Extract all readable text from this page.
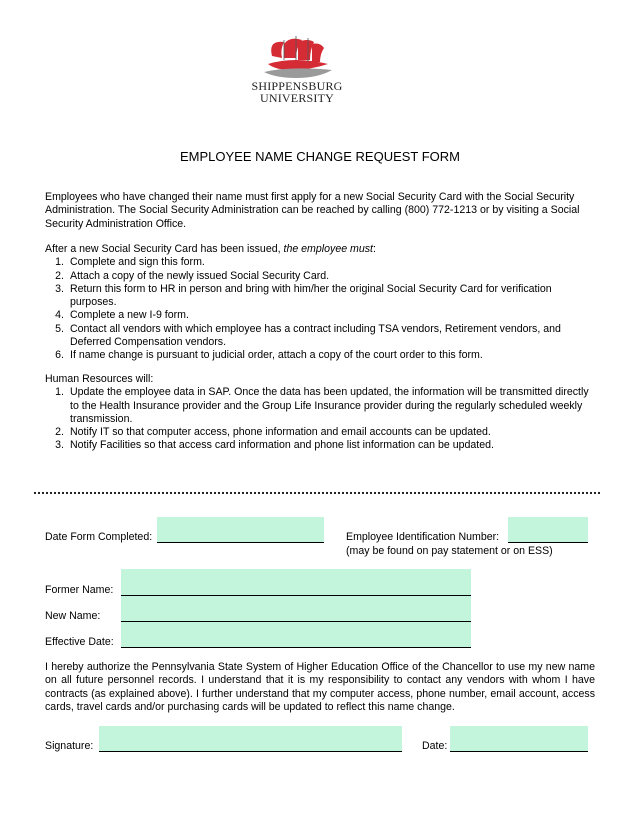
SHIPPENSBURG
UNIVERSITY
EMPLOYEE NAME CHANGE REQUEST FORM
Employees who have changed their name must first apply for a new Social Security Card with the Social Security Administration. The Social Security Administration can be reached by calling (800) 772-1213 or by visiting a Social Security Administration Office.
After a new Social Security Card has been issued, the employee must:
1. Complete and sign this form.
2. Attach a copy of the newly issued Social Security Card.
3. Return this form to HR in person and bring with him/her the original Social Security Card for verification purposes.
4. Complete a new I-9 form.
5. Contact all vendors with which employee has a contract including TSA vendors, Retirement vendors, and Deferred Compensation vendors.
6. If name change is pursuant to judicial order, attach a copy of the court order to this form.
Human Resources will:
1. Update the employee data in SAP. Once the data has been updated, the information will be transmitted directly to the Health Insurance provider and the Group Life Insurance provider during the regularly scheduled weekly transmission.
2. Notify IT so that computer access, phone information and email accounts can be updated.
3. Notify Facilities so that access card information and phone list information can be updated.
Date Form Completed:	Employee Identification Number:
(may be found on pay statement or on ESS)
Former Name:
New Name:
Effective Date:
I hereby authorize the Pennsylvania State System of Higher Education Office of the Chancellor to use my new name on all future personnel records. I understand that it is my responsibility to contact any vendors with whom I have contracts (as explained above). I further understand that my computer access, phone number, email account, access cards, travel cards and/or purchasing cards will be updated to reflect this name change.
Signature:	Date:
